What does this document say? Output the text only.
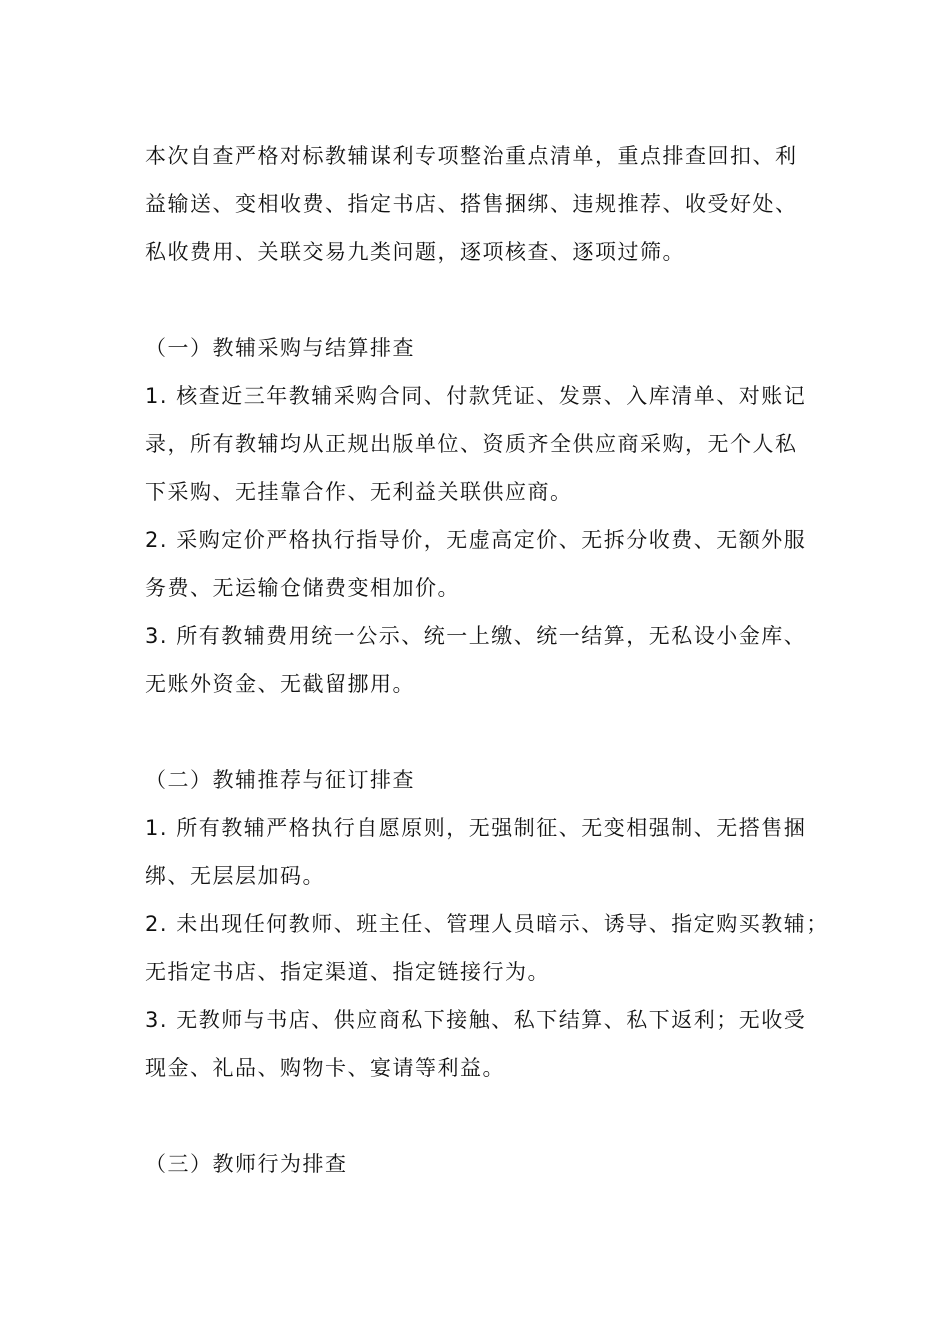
本次自查严格对标教辅谋利专项整治重点清单，重点排查回扣、利
益输送、变相收费、指定书店、搭售捆绑、违规推荐、收受好处、
私收费用、关联交易九类问题，逐项核查、逐项过筛。
（一）教辅采购与结算排查
1. 核查近三年教辅采购合同、付款凭证、发票、入库清单、对账记
录，所有教辅均从正规出版单位、资质齐全供应商采购，无个人私
下采购、无挂靠合作、无利益关联供应商。
2. 采购定价严格执行指导价，无虚高定价、无拆分收费、无额外服
务费、无运输仓储费变相加价。
3. 所有教辅费用统一公示、统一上缴、统一结算，无私设小金库、
无账外资金、无截留挪用。
（二）教辅推荐与征订排查
1. 所有教辅严格执行自愿原则，无强制征、无变相强制、无搭售捆
绑、无层层加码。
2. 未出现任何教师、班主任、管理人员暗示、诱导、指定购买教辅；
无指定书店、指定渠道、指定链接行为。
3. 无教师与书店、供应商私下接触、私下结算、私下返利；无收受
现金、礼品、购物卡、宴请等利益。
（三）教师行为排查
